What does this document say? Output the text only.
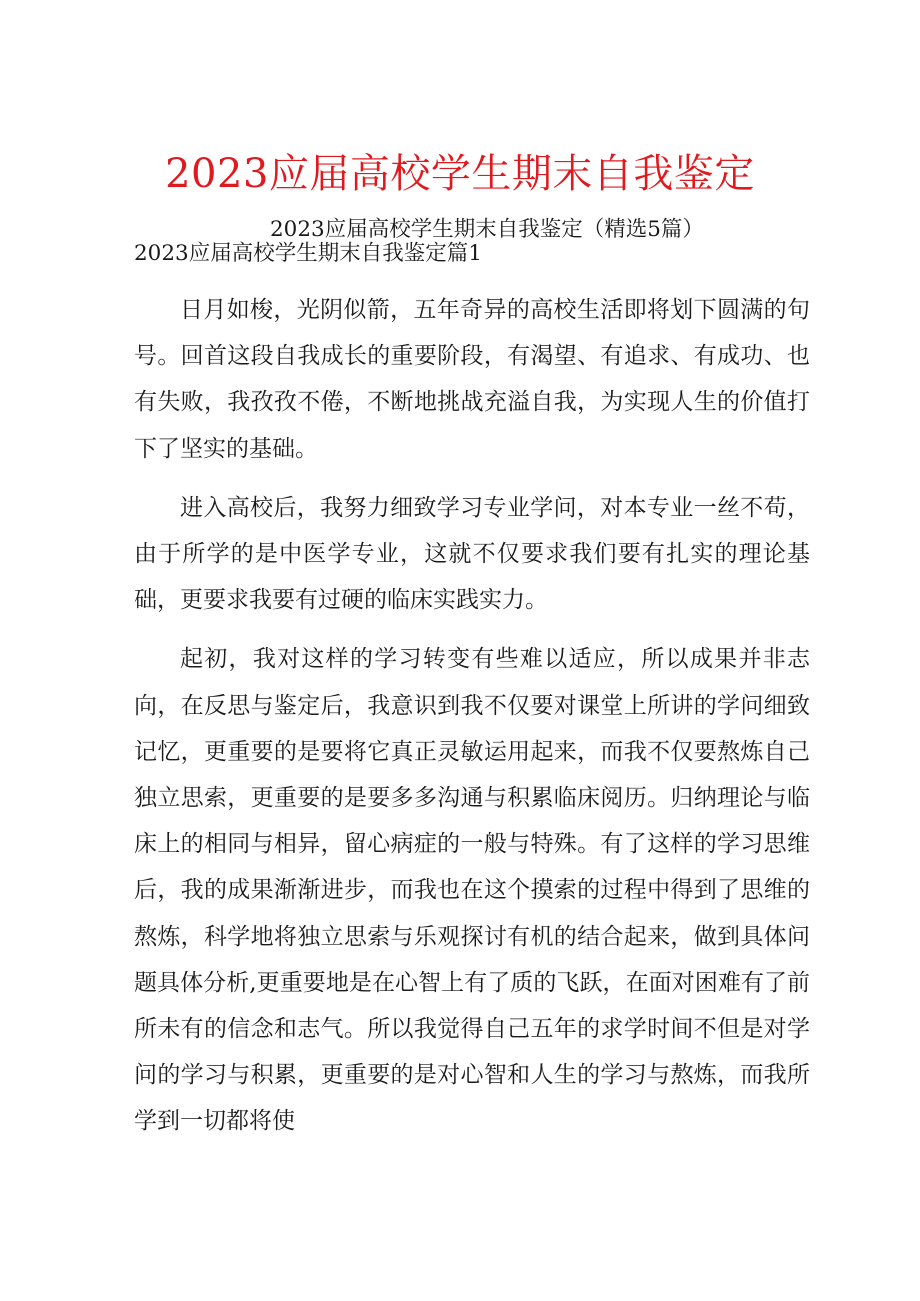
2023应届高校学生期末自我鉴定
2023应届高校学生期末自我鉴定（精选5篇）
2023应届高校学生期末自我鉴定篇1

日月如梭，光阴似箭，五年奇异的高校生活即将划下圆满的句号。回首这段自我成长的重要阶段，有渴望、有追求、有成功、也有失败，我孜孜不倦，不断地挑战充溢自我，为实现人生的价值打下了坚实的基础。

进入高校后，我努力细致学习专业学问，对本专业一丝不苟，由于所学的是中医学专业，这就不仅要求我们要有扎实的理论基础，更要求我要有过硬的临床实践实力。

起初，我对这样的学习转变有些难以适应，所以成果并非志向，在反思与鉴定后，我意识到我不仅要对课堂上所讲的学问细致记忆，更重要的是要将它真正灵敏运用起来，而我不仅要熬炼自己独立思索，更重要的是要多多沟通与积累临床阅历。归纳理论与临床上的相同与相异，留心病症的一般与特殊。有了这样的学习思维后，我的成果渐渐进步，而我也在这个摸索的过程中得到了思维的熬炼，科学地将独立思索与乐观探讨有机的结合起来，做到具体问题具体分析,更重要地是在心智上有了质的飞跃，在面对困难有了前所未有的信念和志气。所以我觉得自己五年的求学时间不但是对学问的学习与积累，更重要的是对心智和人生的学习与熬炼，而我所学到一切都将使
